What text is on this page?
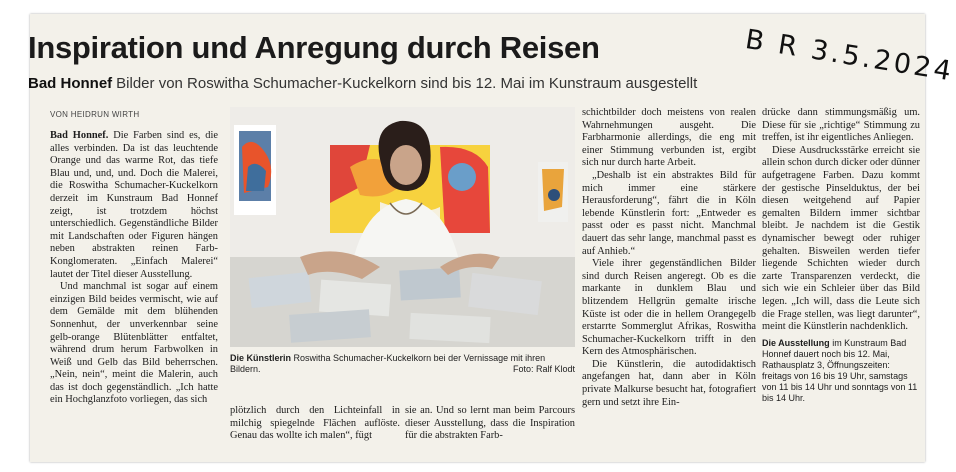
Inspiration und Anregung durch Reisen
Bad Honnef Bilder von Roswitha Schumacher-Kuckelkorn sind bis 12. Mai im Kunstraum ausgestellt B R 3.5.2024
VON HEIDRUN WIRTH

Bad Honnef. Die Farben sind es, die alles verbinden. Da ist das leuchtende Orange und das warme Rot, das tiefe Blau und, und, und. Doch die Malerei, die Roswitha Schumacher-Kuckelkorn derzeit im Kunstraum Bad Honnef zeigt, ist trotzdem höchst unterschiedlich. Gegenständliche Bilder mit Landschaften oder Figuren hängen neben abstrakten reinen Farb-Konglomeraten. „Einfach Malerei“ lautet der Titel dieser Ausstellung.

Und manchmal ist sogar auf einem einzigen Bild beides vermischt, wie auf dem Gemälde mit dem blühenden Sonnenhut, der unverkennbar seine gelb-orange Blütenblätter entfaltet, während drum herum Farbwolken in Weiß und Gelb das Bild beherrschen. „Nein, nein“, meint die Malerin, auch das ist doch gegenständlich. „Ich hatte ein Hochglanzfoto vorliegen, das sich

Die Künstlerin Roswitha Schumacher-Kuckelkorn bei der Vernissage mit ihren Bildern.	Foto: Ralf Klodt
plötzlich durch den Lichteinfall in milchig spiegelnde Flächen auflöste. Genau das wollte ich malen“, fügt
sie an. Und so lernt man beim Parcours dieser Ausstellung, dass die Inspiration für die abstrakten Farb-

schichtbilder doch meistens von realen Wahrnehmungen ausgeht. Die Farbharmonie allerdings, die eng mit einer Stimmung verbunden ist, ergibt sich nur durch harte Arbeit.

„Deshalb ist ein abstraktes Bild für mich immer eine stärkere Herausforderung“, fährt die in Köln lebende Künstlerin fort: „Entweder es passt oder es passt nicht. Manchmal dauert das sehr lange, manchmal passt es auf Anhieb.“

Viele ihrer gegenständlichen Bilder sind durch Reisen angeregt. Ob es die markante in dunklem Blau und blitzendem Hellgrün gemalte irische Küste ist oder die in hellem Orangegelb erstarrte Sommerglut Afrikas, Roswitha Schumacher-Kuckelkorn trifft in den Kern des Atmosphärischen.

Die Künstlerin, die autodidaktisch angefangen hat, dann aber in Köln private Malkurse besucht hat, fotografiert gern und setzt ihre Ein-

drücke dann stimmungsmäßig um. Diese für sie „richtige“ Stimmung zu treffen, ist ihr eigentliches Anliegen.

Diese Ausdrucksstärke erreicht sie allein schon durch dicker oder dünner aufgetragene Farben. Dazu kommt der gestische Pinselduktus, der bei diesen weitgehend auf Papier gemalten Bildern immer sichtbar bleibt. Je nachdem ist die Gestik dynamischer bewegt oder ruhiger gehalten. Bisweilen werden tiefer liegende Schichten wieder durch zarte Transparenzen verdeckt, die sich wie ein Schleier über das Bild legen. „Ich will, dass die Leute sich die Frage stellen, was liegt darunter“, meint die Künstlerin nachdenklich.

Die Ausstellung im Kunstraum Bad Honnef dauert noch bis 12. Mai, Rathausplatz 3, Öffnungszeiten: freitags von 16 bis 19 Uhr, samstags von 11 bis 14 Uhr und sonntags von 11 bis 14 Uhr.
